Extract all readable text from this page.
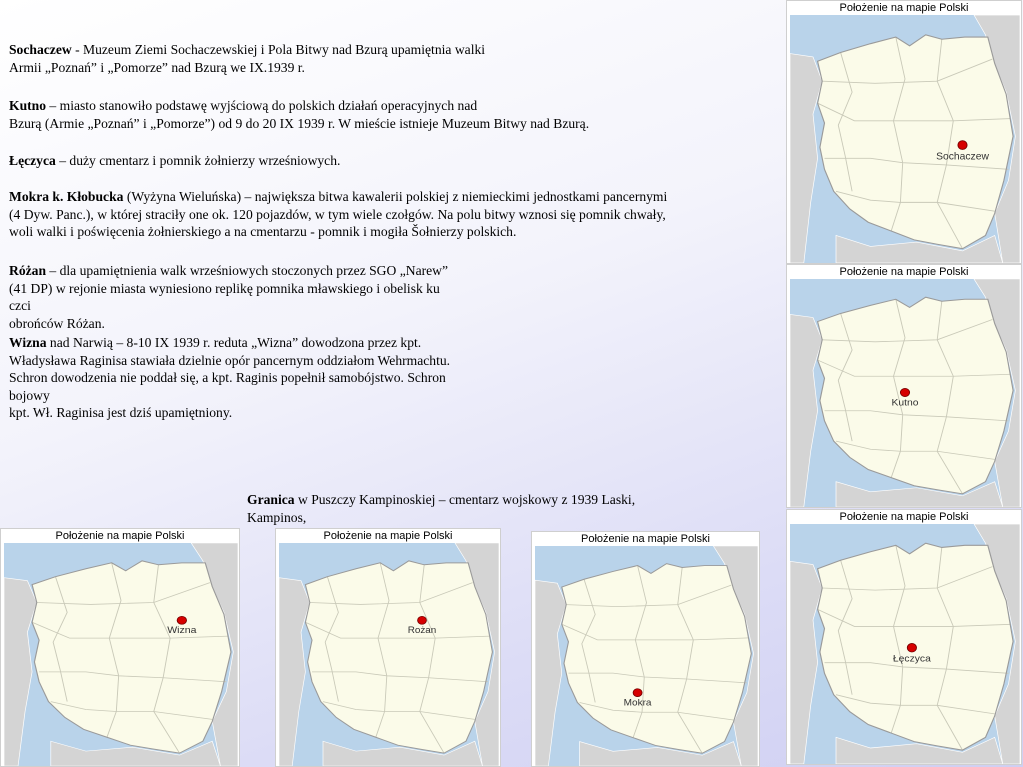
Sochaczew - Muzeum Ziemi Sochaczewskiej i Pola Bitwy nad Bzurą upamiętnia walki
Armii „Poznań” i „Pomorze” nad Bzurą we IX.1939 r.
Kutno – miasto stanowiło podstawę wyjściową do polskich działań operacyjnych nad
Bzurą (Armie „Poznań” i „Pomorze”) od 9 do 20 IX 1939 r. W mieście istnieje Muzeum Bitwy nad Bzurą.
Łęczyca – duży cmentarz i pomnik żołnierzy wrześniowych.
Mokra k. Kłobucka (Wyżyna Wieluńska) – największa bitwa kawalerii polskiej z niemieckimi jednostkami pancernymi
(4 Dyw. Panc.), w której straciły one ok. 120 pojazdów, w tym wiele czołgów. Na polu bitwy wznosi się pomnik chwały,
woli walki i poświęcenia żołnierskiego a na cmentarzu - pomnik i mogiła Šołnierzy polskich.
Różan – dla upamiętnienia walk wrześniowych stoczonych przez SGO „Narew”
(41 DP) w rejonie miasta wyniesiono replikę pomnika mławskiego i obelisk ku
czci
obrońców Różan.
Wizna nad Narwią – 8-10 IX 1939 r. reduta „Wizna” dowodzona przez kpt.
Władysława Raginisa stawiała dzielnie opór pancernym oddziałom Wehrmachtu.
Schron dowodzenia nie poddał się, a kpt. Raginis popełnił samobójstwo. Schron
bojowy
kpt. Wł. Raginisa jest dziś upamiętniony.
Granica w Puszczy Kampinoskiej – cmentarz wojskowy z 1939 Laski,
Kampinos,
Położenie na mapie Polski
Sochaczew
Położenie na mapie Polski
Kutno
Położenie na mapie Polski
Wizna
Położenie na mapie Polski
Rożan
Położenie na mapie Polski
Mokra
Położenie na mapie Polski
Łęczyca
